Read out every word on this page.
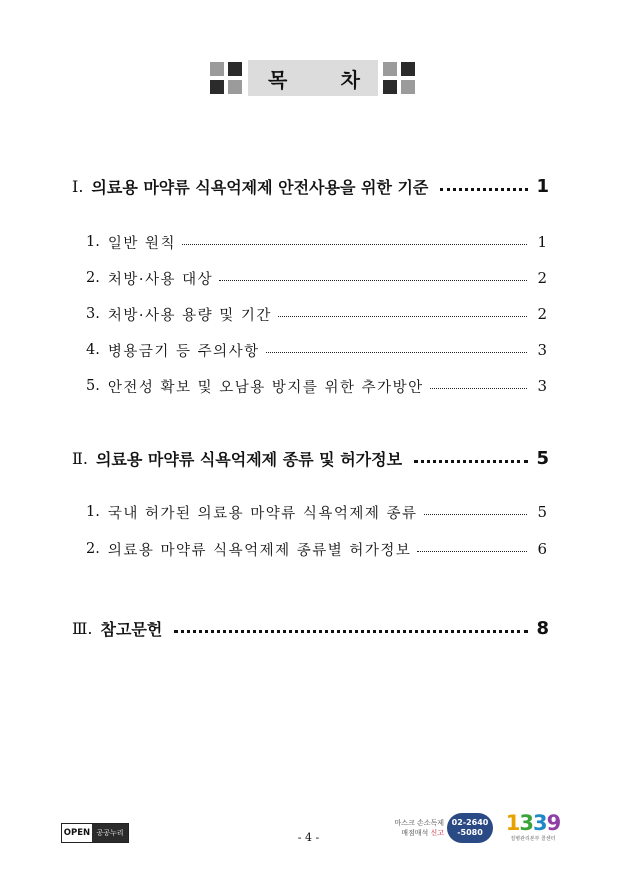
목	차
Ⅰ. 의료용 마약류 식욕억제제 안전사용을 위한 기준	1
1. 일반 원칙	1
2. 처방·사용 대상	2
3. 처방·사용 용량 및 기간	2
4. 병용금기 등 주의사항	3
5. 안전성 확보 및 오남용 방지를 위한 추가방안	3
Ⅱ. 의료용 마약류 식욕억제제 종류 및 허가정보	5
1. 국내 허가된 의료용 마약류 식욕억제제 종류	5
2. 의료용 마약류 식욕억제제 종류별 허가정보	6
Ⅲ. 참고문헌	8
OPEN 공공누리	- 4 -
마스크 손소독제
매점매석 신고
02-2640
-5080 1339
질병관리본부 콜센터
